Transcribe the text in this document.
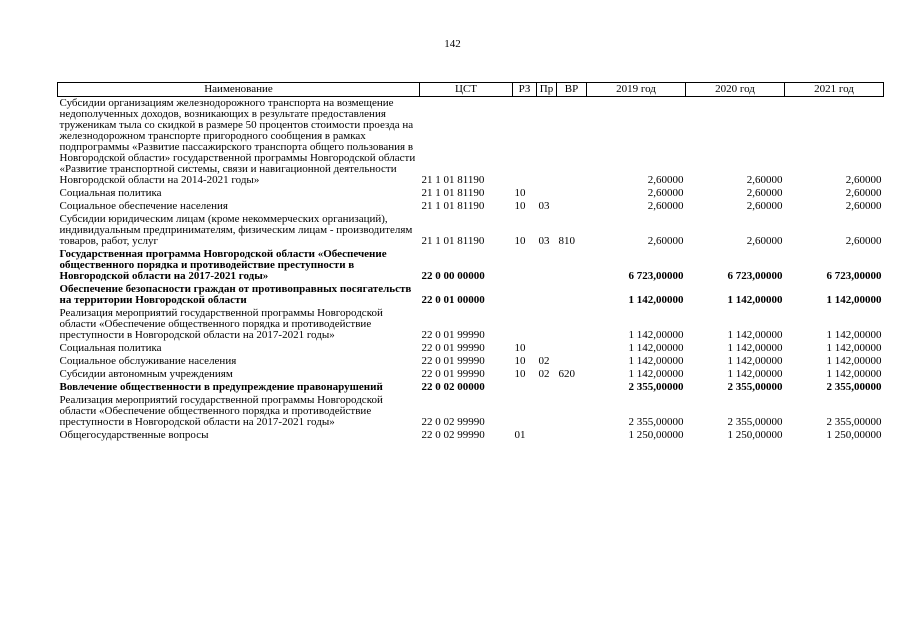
142
Наименование	ЦСТ	РЗ	Пр	ВР	2019 год	2020 год	2021 год
Субсидии организациям железнодорожного транспорта на возмещение недополученных доходов, возникающих в результате предоставления труженикам тыла со скидкой в размере 50 процентов стоимости проезда на железнодорожном транспорте пригородного сообщения в рамках подпрограммы «Развитие пассажирского транспорта общего пользования в Новгородской области» государственной программы Новгородской области «Развитие транспортной системы, связи и навигационной деятельности Новгородской области на 2014-2021 годы»	21 1 01 81190				2,60000	2,60000	2,60000
Социальная политика	21 1 01 81190	10			2,60000	2,60000	2,60000
Социальное обеспечение населения	21 1 01 81190	10	03		2,60000	2,60000	2,60000
Субсидии юридическим лицам (кроме некоммерческих организаций), индивидуальным предпринимателям, физическим лицам - производителям товаров, работ, услуг	21 1 01 81190	10	03	810	2,60000	2,60000	2,60000
Государственная программа Новгородской области «Обеспечение общественного порядка и противодействие преступности в Новгородской области на 2017-2021 годы»	22 0 00 00000				6 723,00000	6 723,00000	6 723,00000
Обеспечение безопасности граждан от противоправных посягательств на территории Новгородской области	22 0 01 00000				1 142,00000	1 142,00000	1 142,00000
Реализация мероприятий государственной программы Новгородской области «Обеспечение общественного порядка и противодействие преступности в Новгородской области на 2017-2021 годы»	22 0 01 99990				1 142,00000	1 142,00000	1 142,00000
Социальная политика	22 0 01 99990	10			1 142,00000	1 142,00000	1 142,00000
Социальное обслуживание населения	22 0 01 99990	10	02		1 142,00000	1 142,00000	1 142,00000
Субсидии автономным учреждениям	22 0 01 99990	10	02	620	1 142,00000	1 142,00000	1 142,00000
Вовлечение общественности в предупреждение правонарушений	22 0 02 00000				2 355,00000	2 355,00000	2 355,00000
Реализация мероприятий государственной программы Новгородской области «Обеспечение общественного порядка и противодействие преступности в Новгородской области на 2017-2021 годы»	22 0 02 99990				2 355,00000	2 355,00000	2 355,00000
Общегосударственные вопросы	22 0 02 99990	01			1 250,00000	1 250,00000	1 250,00000
